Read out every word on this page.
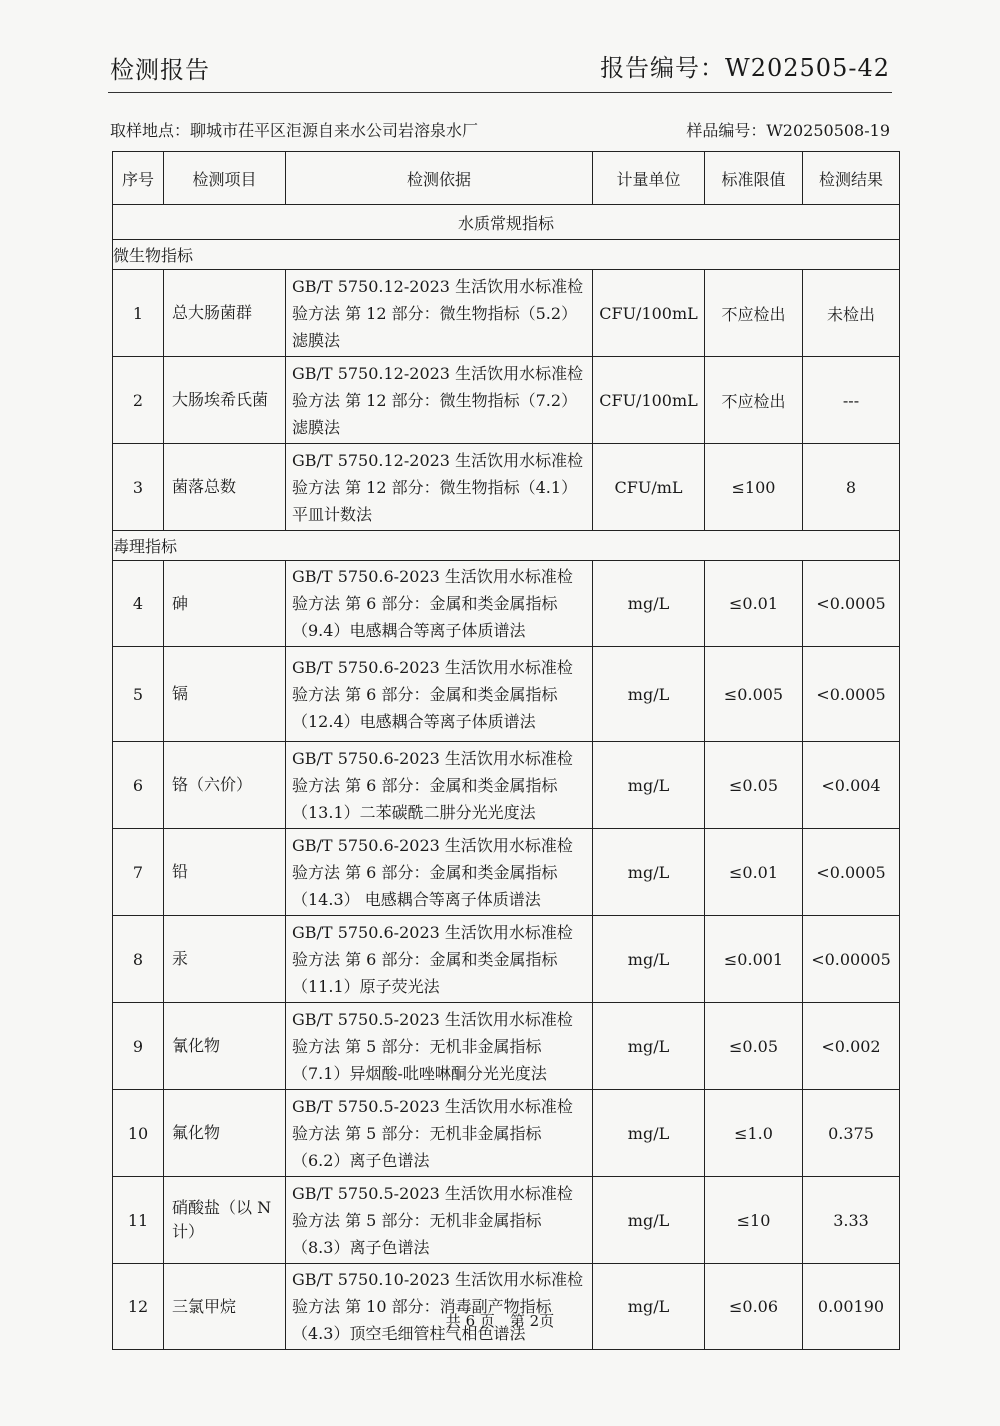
检测报告	报告编号：W202505-42
取样地点：聊城市茌平区洰源自来水公司岩溶泉水厂	样品编号：W20250508-19
序号	检测项目	检测依据	计量单位	标准限值	检测结果
水质常规指标					
微生物指标					
1	总大肠菌群	GB/T 5750.12-2023 生活饮用水标准检验方法 第 12 部分：微生物指标（5.2）滤膜法	CFU/100mL	不应检出	未检出
2	大肠埃希氏菌	GB/T 5750.12-2023 生活饮用水标准检验方法 第 12 部分：微生物指标（7.2）滤膜法	CFU/100mL	不应检出	---
3	菌落总数	GB/T 5750.12-2023 生活饮用水标准检验方法 第 12 部分：微生物指标（4.1）平皿计数法	CFU/mL	≤100	8
毒理指标					
4	砷	GB/T 5750.6-2023 生活饮用水标准检验方法 第 6 部分：金属和类金属指标（9.4）电感耦合等离子体质谱法	mg/L	≤0.01	<0.0005
5	镉	GB/T 5750.6-2023 生活饮用水标准检验方法 第 6 部分：金属和类金属指标（12.4）电感耦合等离子体质谱法	mg/L	≤0.005	<0.0005
6	铬（六价）	GB/T 5750.6-2023 生活饮用水标准检验方法 第 6 部分：金属和类金属指标（13.1）二苯碳酰二肼分光光度法	mg/L	≤0.05	<0.004
7	铅	GB/T 5750.6-2023 生活饮用水标准检验方法 第 6 部分：金属和类金属指标（14.3） 电感耦合等离子体质谱法	mg/L	≤0.01	<0.0005
8	汞	GB/T 5750.6-2023 生活饮用水标准检验方法 第 6 部分：金属和类金属指标（11.1）原子荧光法	mg/L	≤0.001	<0.00005
9	氰化物	GB/T 5750.5-2023 生活饮用水标准检验方法 第 5 部分：无机非金属指标（7.1）异烟酸-吡唑啉酮分光光度法	mg/L	≤0.05	<0.002
10	氟化物	GB/T 5750.5-2023 生活饮用水标准检验方法 第 5 部分：无机非金属指标（6.2）离子色谱法	mg/L	≤1.0	0.375
11	硝酸盐（以 N 计）	GB/T 5750.5-2023 生活饮用水标准检验方法 第 5 部分：无机非金属指标（8.3）离子色谱法	mg/L	≤10	3.33
12	三氯甲烷	GB/T 5750.10-2023 生活饮用水标准检验方法 第 10 部分：消毒副产物指标（4.3）顶空毛细管柱气相色谱法	mg/L	≤0.06	0.00190
共 6 页　第 2页
